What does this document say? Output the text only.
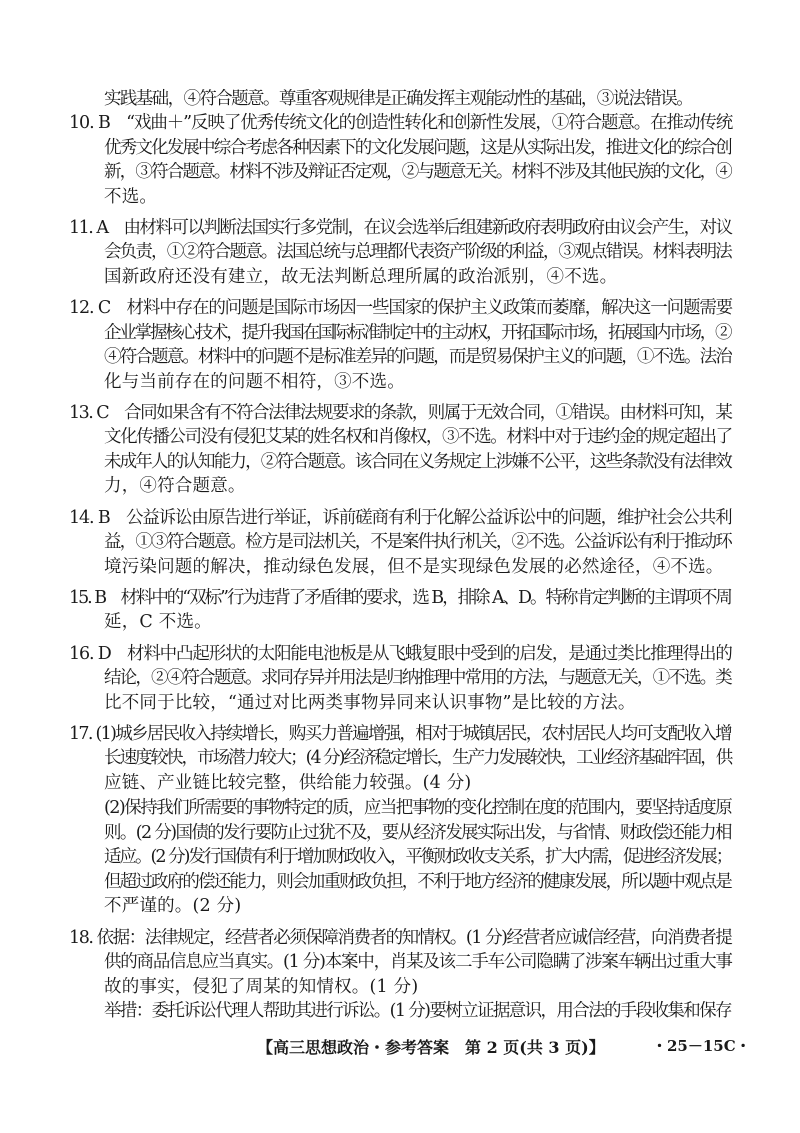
实践基础，④符合题意。尊重客观规律是正确发挥主观能动性的基础，③说法错误。
10. B　“戏曲＋”反映了优秀传统文化的创造性转化和创新性发展，①符合题意。在推动传统
优秀文化发展中综合考虑各种因素下的文化发展问题，这是从实际出发，推进文化的综合创
新，③符合题意。材料不涉及辩证否定观，②与题意无关。材料不涉及其他民族的文化，④
不选。
11. A　由材料可以判断法国实行多党制，在议会选举后组建新政府表明政府由议会产生，对议
会负责，①②符合题意。法国总统与总理都代表资产阶级的利益，③观点错误。材料表明法
国新政府还没有建立，故无法判断总理所属的政治派别，④不选。
12. C　材料中存在的问题是国际市场因一些国家的保护主义政策而萎靡，解决这一问题需要
企业掌握核心技术，提升我国在国际标准制定中的主动权，开拓国际市场，拓展国内市场，②
④符合题意。材料中的问题不是标准差异的问题，而是贸易保护主义的问题，①不选。法治
化与当前存在的问题不相符，③不选。
13. C　合同如果含有不符合法律法规要求的条款，则属于无效合同，①错误。由材料可知，某
文化传播公司没有侵犯艾某的姓名权和肖像权，③不选。材料中对于违约金的规定超出了
未成年人的认知能力，②符合题意。该合同在义务规定上涉嫌不公平，这些条款没有法律效
力，④符合题意。
14. B　公益诉讼由原告进行举证，诉前磋商有利于化解公益诉讼中的问题，维护社会公共利
益，①③符合题意。检方是司法机关，不是案件执行机关，②不选。公益诉讼有利于推动环
境污染问题的解决，推动绿色发展，但不是实现绿色发展的必然途径，④不选。
15. B　材料中的“双标”行为违背了矛盾律的要求，选 B，排除 A、D。特称肯定判断的主谓项不周
延，C 不选。
16. D　材料中凸起形状的太阳能电池板是从飞蛾复眼中受到的启发，是通过类比推理得出的
结论，②④符合题意。求同存异并用法是归纳推理中常用的方法，与题意无关，①不选。类
比不同于比较，“通过对比两类事物异同来认识事物”是比较的方法。
17. (1)城乡居民收入持续增长，购买力普遍增强，相对于城镇居民，农村居民人均可支配收入增
长速度较快，市场潜力较大；(4 分)经济稳定增长，生产力发展较快，工业经济基础牢固，供
应链、产业链比较完整，供给能力较强。(4 分)
(2)保持我们所需要的事物特定的质，应当把事物的变化控制在度的范围内，要坚持适度原
则。(2 分)国债的发行要防止过犹不及，要从经济发展实际出发，与省情、财政偿还能力相
适应。(2 分)发行国债有利于增加财政收入，平衡财政收支关系，扩大内需，促进经济发展；
但超过政府的偿还能力，则会加重财政负担，不利于地方经济的健康发展，所以题中观点是
不严谨的。(2 分)
18. 依据：法律规定，经营者必须保障消费者的知情权。(1 分)经营者应诚信经营，向消费者提
供的商品信息应当真实。(1 分)本案中，肖某及该二手车公司隐瞒了涉案车辆出过重大事
故的事实，侵犯了周某的知情权。(1 分)
举措：委托诉讼代理人帮助其进行诉讼。(1 分)要树立证据意识，用合法的手段收集和保存
【高三思想政治・参考答案　第 2 页(共 3 页)】	・25－15C・
